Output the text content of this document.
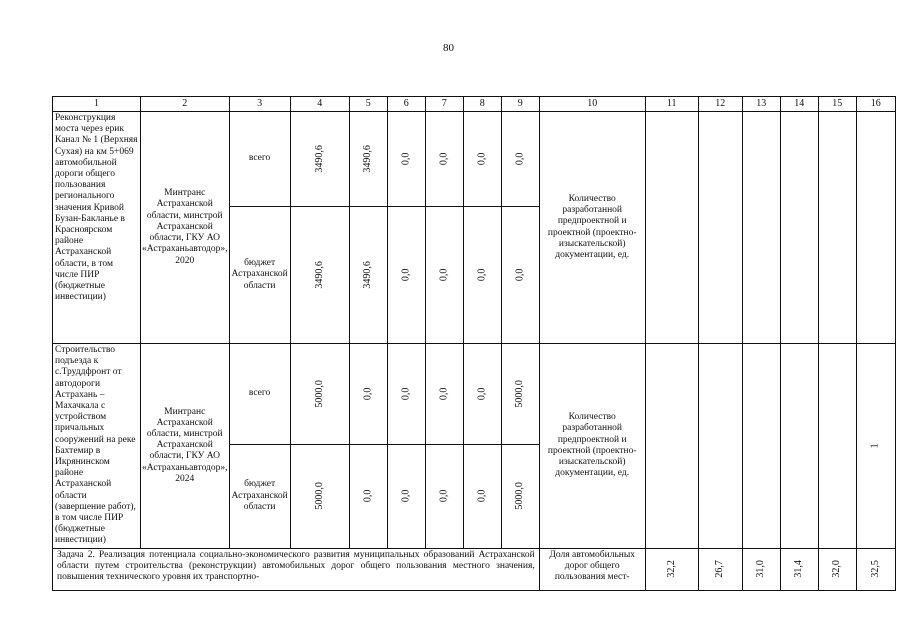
80
1	2	3	4	5	6	7	8	9	10	11	12	13	14	15	16
Реконструкция моста через ерик Канал № 1 (Верхняя Сухая) на км 5+069 автомобильной дороги общего пользования регионального значения Кривой Бузан-Бакланье в Красноярском районе Астраханской области, в том числе ПИР (бюджетные инвестиции)	Минтранс Астраханской области, минстрой Астраханской области, ГКУ АО «Астраханьавтодор», 2020	всего	3490,6	3490,6	0,0	0,0	0,0	0,0	Количество разработанной предпроектной и проектной (проектно-изыскательской) документации, ед.						
		бюджет Астраханской области	3490,6	3490,6	0,0	0,0	0,0	0,0							
Строительство подъезда к с.Труддфронт от автодороги Астрахань – Махачкала с устройством причальных сооружений на реке Бахтемир в Икрянинском районе Астраханской области (завершение работ), в том числе ПИР (бюджетные инвестиции)	Минтранс Астраханской области, минстрой Астраханской области, ГКУ АО «Астраханьавтодор», 2024	всего	5000,0	0,0	0,0	0,0	0,0	5000,0	Количество разработанной предпроектной и проектной (проектно-изыскательской) документации, ед.						1
		бюджет Астраханской области	5000,0	0,0	0,0	0,0	0,0	5000,0							
Задача 2. Реализация потенциала социально-экономического развития муниципальных образований Астраханской области путем строительства (реконструкции) автомобильных дорог общего пользования местного значения, повышения технического уровня их транспортно-									Доля автомобильных дорог общего пользования мест-	32,2	26,7	31,0	31,4	32,0	32,5
